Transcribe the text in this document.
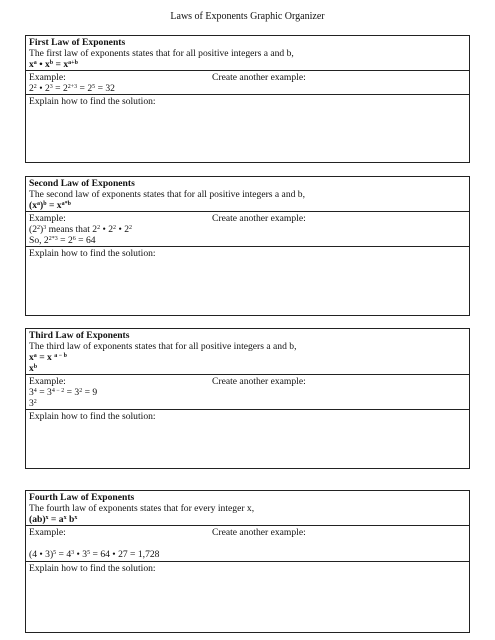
Laws of Exponents Graphic Organizer
First Law of Exponents
The first law of exponents states that for all positive integers a and b,
$x^a$ • $x^b = x^{a+b}$
Example:	Create another example:
$2^2$ • $2^3 = 2^{2+3} = 2^5 = 32$
Explain how to find the solution:
Second Law of Exponents
The second law of exponents states that for all positive integers a and b,
$(x^a)^b = x^{a*b}$
Example:	Create another example:
$(2^2)^3$ means that $2^2$ • $2^2$ • $2^2$
So, $2^{2*3} = 2^6 = 64$
Explain how to find the solution:
Third Law of Exponents
The third law of exponents states that for all positive integers a and b,
$x^a = x$ $^{a - b}$
$x^b$
Example:	Create another example:
$3^4 = 3^{4 - 2} = 3^2 = 9$
$3^2$
Explain how to find the solution:
Fourth Law of Exponents
The fourth law of exponents states that for every integer x,
$(ab)^x = a^x$ $b^x$
Example:	Create another example:
(4 • $3)^5 = 4^3$ • $3^5 = 64$ • 27 = 1,728
Explain how to find the solution:
